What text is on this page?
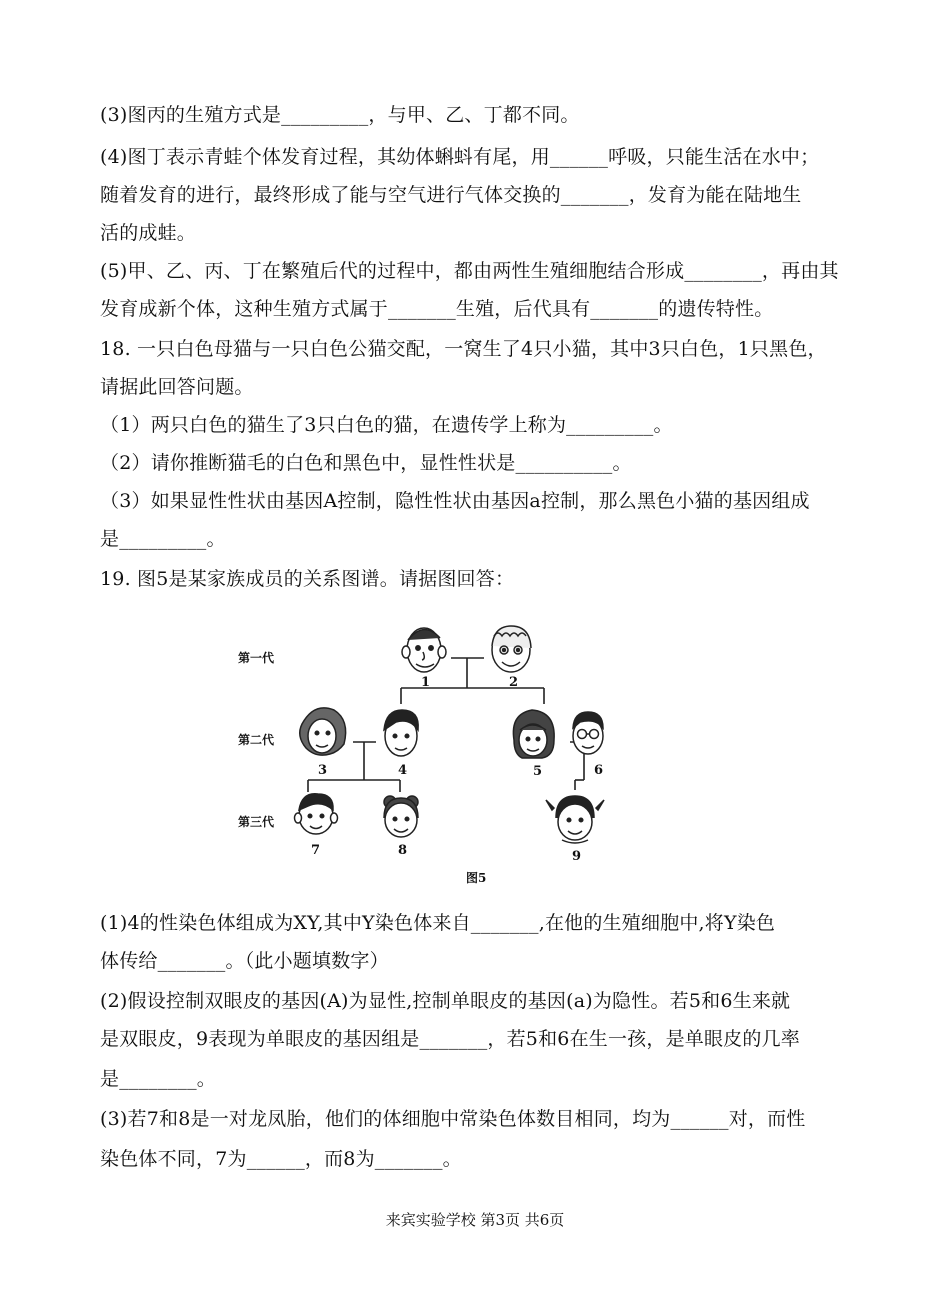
(3)图丙的生殖方式是_________，与甲、乙、丁都不同。
(4)图丁表示青蛙个体发育过程，其幼体蝌蚪有尾，用______呼吸，只能生活在水中；
随着发育的进行，最终形成了能与空气进行气体交换的_______，发育为能在陆地生
活的成蛙。
(5)甲、乙、丙、丁在繁殖后代的过程中，都由两性生殖细胞结合形成________，再由其
发育成新个体，这种生殖方式属于_______生殖，后代具有_______的遗传特性。
18. 一只白色母猫与一只白色公猫交配，一窝生了4只小猫，其中3只白色，1只黑色，
请据此回答问题。
（1）两只白色的猫生了3只白色的猫，在遗传学上称为_________。
（2）请你推断猫毛的白色和黑色中，显性性状是__________。
（3）如果显性性状由基因A控制，隐性性状由基因a控制，那么黑色小猫的基因组成
是_________。
19. 图5是某家族成员的关系图谱。请据图回答：
第一代
第二代
第三代
1	2
3	4	5	6
7	8	9
图5
(1)4的性染色体组成为XY,其中Y染色体来自_______,在他的生殖细胞中,将Y染色
体传给_______。（此小题填数字）
(2)假设控制双眼皮的基因(A)为显性,控制单眼皮的基因(a)为隐性。若5和6生来就
是双眼皮，9表现为单眼皮的基因组是_______，若5和6在生一孩，是单眼皮的几率
是________。
(3)若7和8是一对龙凤胎，他们的体细胞中常染色体数目相同，均为______对，而性
染色体不同，7为______，而8为_______。
来宾实验学校 第3页 共6页
